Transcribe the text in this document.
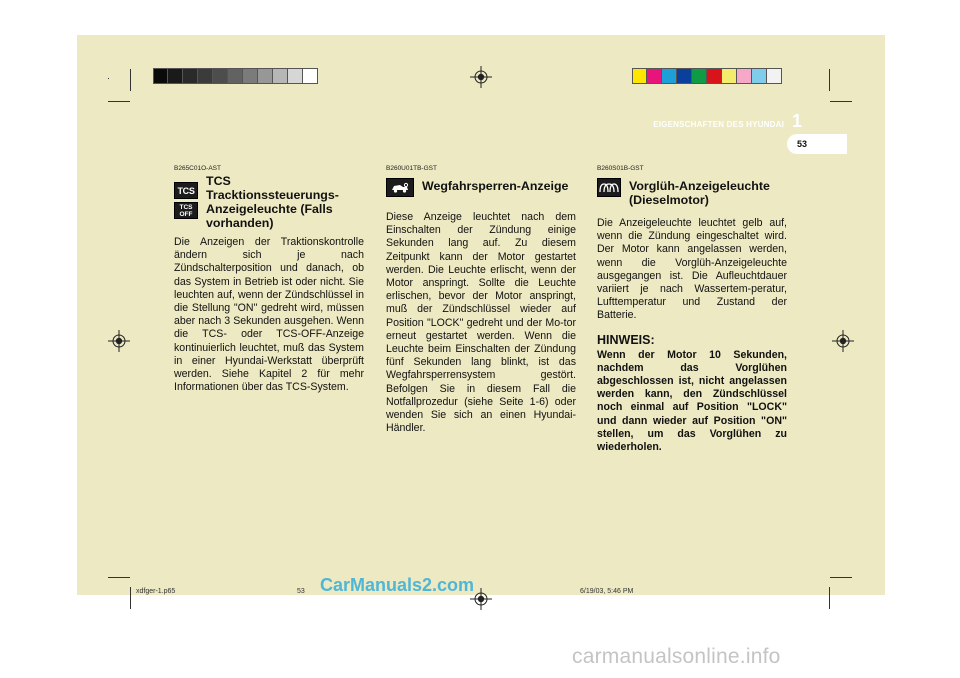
EIGENSCHAFTEN DES HYUNDAI 1
53
B265C01O-AST
TCS
TCS OFF
TCS Tracktionssteuerungs- Anzeigeleuchte (Falls vorhanden)
Die Anzeigen der Traktionskontrolle ändern sich je nach Zündschalterposition und danach, ob das System in Betrieb ist oder nicht. Sie leuchten auf, wenn der Zündschlüssel in die Stellung "ON" gedreht wird, müssen aber nach 3 Sekunden ausgehen. Wenn die TCS- oder TCS-OFF-Anzeige kontinuierlich leuchtet, muß das System in einer Hyundai-Werkstatt überprüft werden. Siehe Kapitel 2 für mehr Informationen über das TCS-System.
B260U01TB-GST
Wegfahrsperren-Anzeige
Diese Anzeige leuchtet nach dem Einschalten der Zündung einige Sekunden lang auf. Zu diesem Zeitpunkt kann der Motor gestartet werden. Die Leuchte erlischt, wenn der Motor anspringt. Sollte die Leuchte erlischen, bevor der Motor anspringt, muß der Zündschlüssel wieder auf Position "LOCK" gedreht und der Mo-tor erneut gestartet werden. Wenn die Leuchte beim Einschalten der Zündung fünf Sekunden lang blinkt, ist das Wegfahrsperrensystem gestört. Befolgen Sie in diesem Fall die Notfallprozedur (siehe Seite 1-6) oder wenden Sie sich an einen Hyundai-Händler.
B260S01B-GST
Vorglüh-Anzeigeleuchte (Dieselmotor)
Die Anzeigeleuchte leuchtet gelb auf, wenn die Zündung eingeschaltet wird. Der Motor kann angelassen werden, wenn die Vorglüh-Anzeigeleuchte ausgegangen ist. Die Aufleuchtdauer variiert je nach Wassertem-peratur, Lufttemperatur und Zustand der Batterie.
HINWEIS:
Wenn der Motor 10 Sekunden, nachdem das Vorglühen abgeschlossen ist, nicht angelassen werden kann, den Zündschlüssel noch einmal auf Position "LOCK" und dann wieder auf Position "ON" stellen, um das Vorglühen zu wiederholen.
xdfger-1.p65	53	6/19/03, 5:46 PM
CarManuals2.com
carmanualsonline.info
